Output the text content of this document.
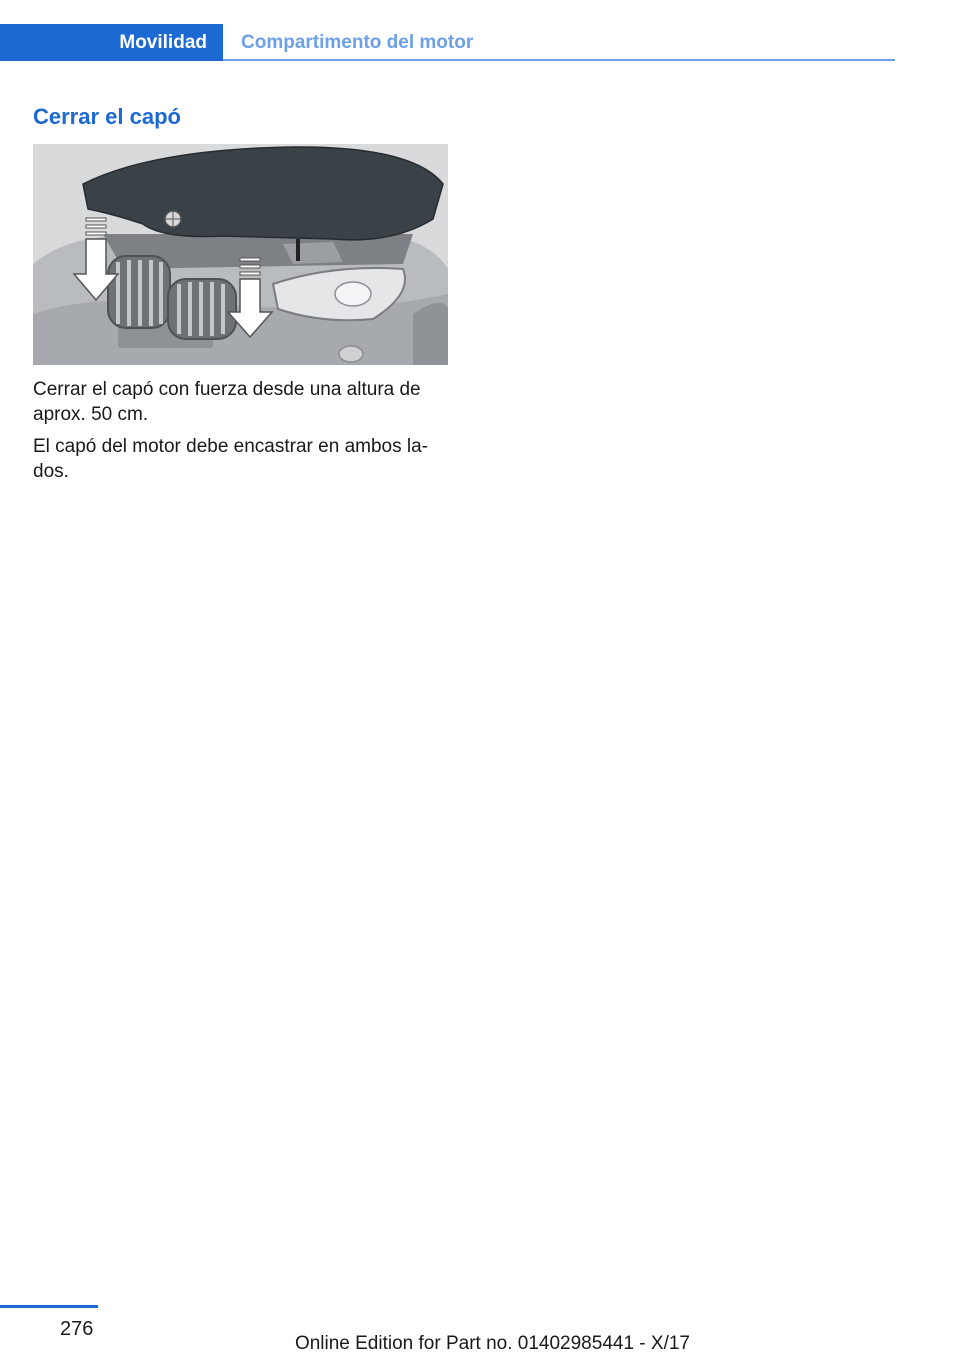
Movilidad Compartimento del motor
Cerrar el capó

Cerrar el capó con fuerza desde una altura de aprox. 50 cm.

El capó del motor debe encastrar en ambos lados.

276
Online Edition for Part no. 01402985441 - X/17
